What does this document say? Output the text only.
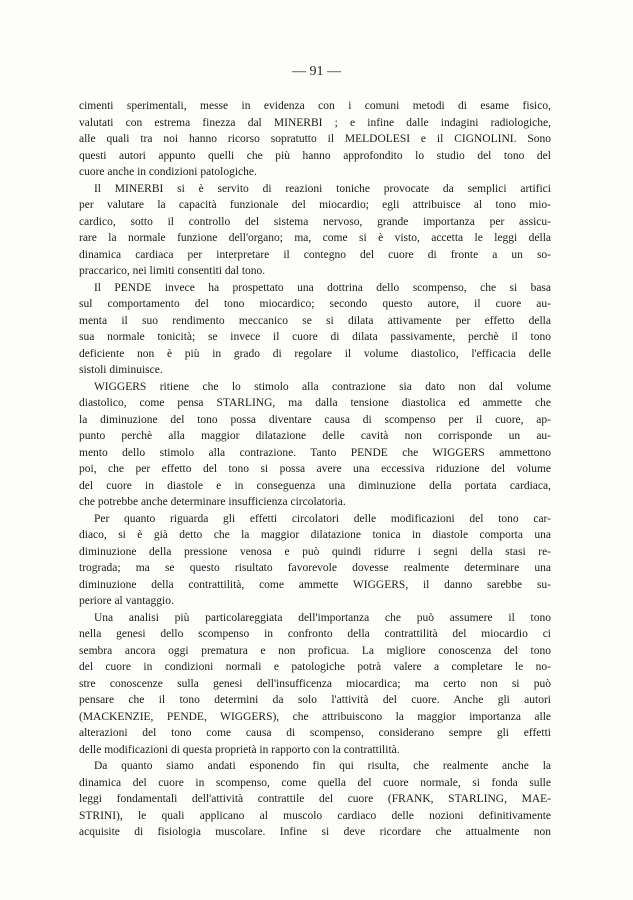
— 91 —
cimenti sperimentali, messe in evidenza con i comuni metodi di esame fisico,
valutati con estrema finezza dal MINERBI ; e infine dalle indagini radiologiche,
alle quali tra noi hanno ricorso sopratutto il MELDOLESI e il CIGNOLINI. Sono
questi autori appunto quelli che più hanno approfondito lo studio del tono del
cuore anche in condizioni patologiche.
Il MINERBI si è servito di reazioni toniche provocate da semplici artifici
per valutare la capacità funzionale del miocardio; egli attribuisce al tono mio-
cardico, sotto il controllo del sistema nervoso, grande importanza per assicu-
rare la normale funzione dell'organo; ma, come si è visto, accetta le leggi della
dinamica cardiaca per interpretare il contegno del cuore di fronte a un so-
praccarico, nei limiti consentiti dal tono.
Il PENDE invece ha prospettato una dottrina dello scompenso, che si basa
sul comportamento del tono miocardico; secondo questo autore, il cuore au-
menta il suo rendimento meccanico se si dilata attivamente per effetto della
sua normale tonicità; se invece il cuore di dilata passivamente, perchè il tono
deficiente non è più in grado di regolare il volume diastolico, l'efficacia delle
sistoli diminuisce.
WIGGERS ritiene che lo stimolo alla contrazione sia dato non dal volume
diastolico, come pensa STARLING, ma dalla tensione diastolica ed ammette che
la diminuzione del tono possa diventare causa di scompenso per il cuore, ap-
punto perchè alla maggior dilatazione delle cavità non corrisponde un au-
mento dello stimolo alla contrazione. Tanto PENDE che WIGGERS ammettono
poi, che per effetto del tono si possa avere una eccessiva riduzione del volume
del cuore in diastole e in conseguenza una diminuzione della portata cardiaca,
che potrebbe anche determinare insufficienza circolatoria.
Per quanto riguarda gli effetti circolatori delle modificazioni del tono car-
diaco, si è già detto che la maggior dilatazione tonica in diastole comporta una
diminuzione della pressione venosa e può quindi ridurre i segni della stasi re-
trograda; ma se questo risultato favorevole dovesse realmente determinare una
diminuzione della contrattilità, come ammette WIGGERS, il danno sarebbe su-
periore al vantaggio.
Una analisi più particolareggiata dell'importanza che può assumere il tono
nella genesi dello scompenso in confronto della contrattilità del miocardio ci
sembra ancora oggi prematura e non proficua. La migliore conoscenza del tono
del cuore in condizioni normali e patologiche potrà valere a completare le no-
stre conoscenze sulla genesi dell'insufficenza miocardica; ma certo non si può
pensare che il tono determini da solo l'attività del cuore. Anche gli autori
(MACKENZIE, PENDE, WIGGERS), che attribuiscono la maggior importanza alle
alterazioni del tono come causa di scompenso, considerano sempre gli effetti
delle modificazioni di questa proprietà in rapporto con la contrattilità.
Da quanto siamo andati esponendo fin qui risulta, che realmente anche la
dinamica del cuore in scompenso, come quella del cuore normale, si fonda sulle
leggi fondamentali dell'attività contrattile del cuore (FRANK, STARLING, MAE-
STRINI), le quali applicano al muscolo cardiaco delle nozioni definitivamente
acquisite di fisiologia muscolare. Infine si deve ricordare che attualmente non
